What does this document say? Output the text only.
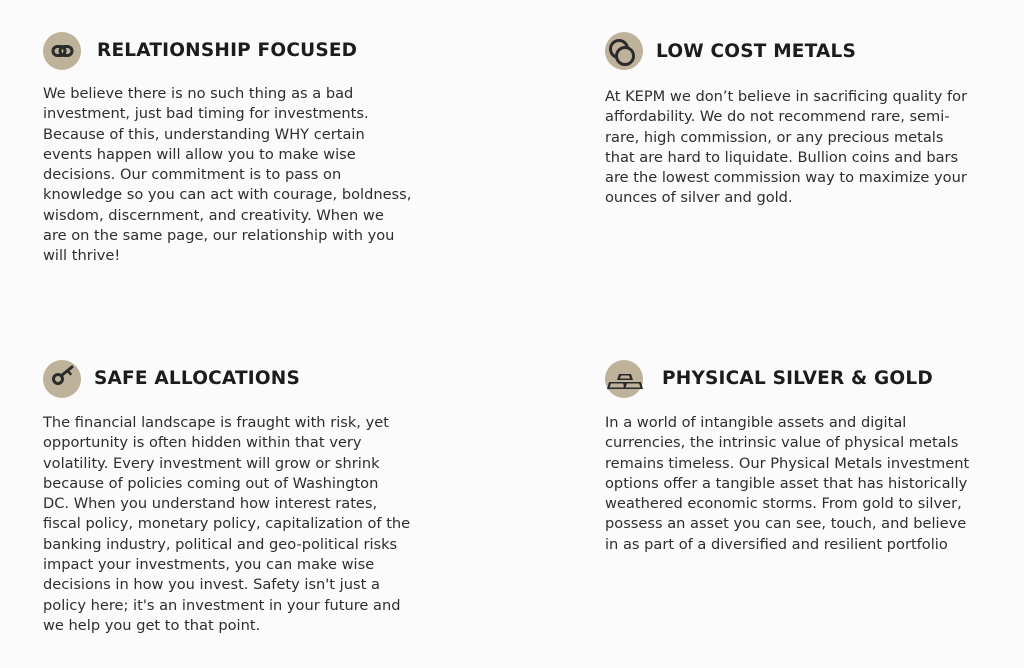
RELATIONSHIP FOCUSED

We believe there is no such thing as a bad
investment, just bad timing for investments.
Because of this, understanding WHY certain
events happen will allow you to make wise
decisions. Our commitment is to pass on
knowledge so you can act with courage, boldness,
wisdom, discernment, and creativity. When we
are on the same page, our relationship with you
will thrive!

LOW COST METALS

At KEPM we don’t believe in sacrificing quality for
affordability. We do not recommend rare, semi-
rare, high commission, or any precious metals
that are hard to liquidate. Bullion coins and bars
are the lowest commission way to maximize your
ounces of silver and gold.

SAFE ALLOCATIONS

The financial landscape is fraught with risk, yet
opportunity is often hidden within that very
volatility. Every investment will grow or shrink
because of policies coming out of Washington
DC. When you understand how interest rates,
fiscal policy, monetary policy, capitalization of the
banking industry, political and geo-political risks
impact your investments, you can make wise
decisions in how you invest. Safety isn't just a
policy here; it's an investment in your future and
we help you get to that point.

PHYSICAL SILVER & GOLD

In a world of intangible assets and digital
currencies, the intrinsic value of physical metals
remains timeless. Our Physical Metals investment
options offer a tangible asset that has historically
weathered economic storms. From gold to silver,
possess an asset you can see, touch, and believe
in as part of a diversified and resilient portfolio
